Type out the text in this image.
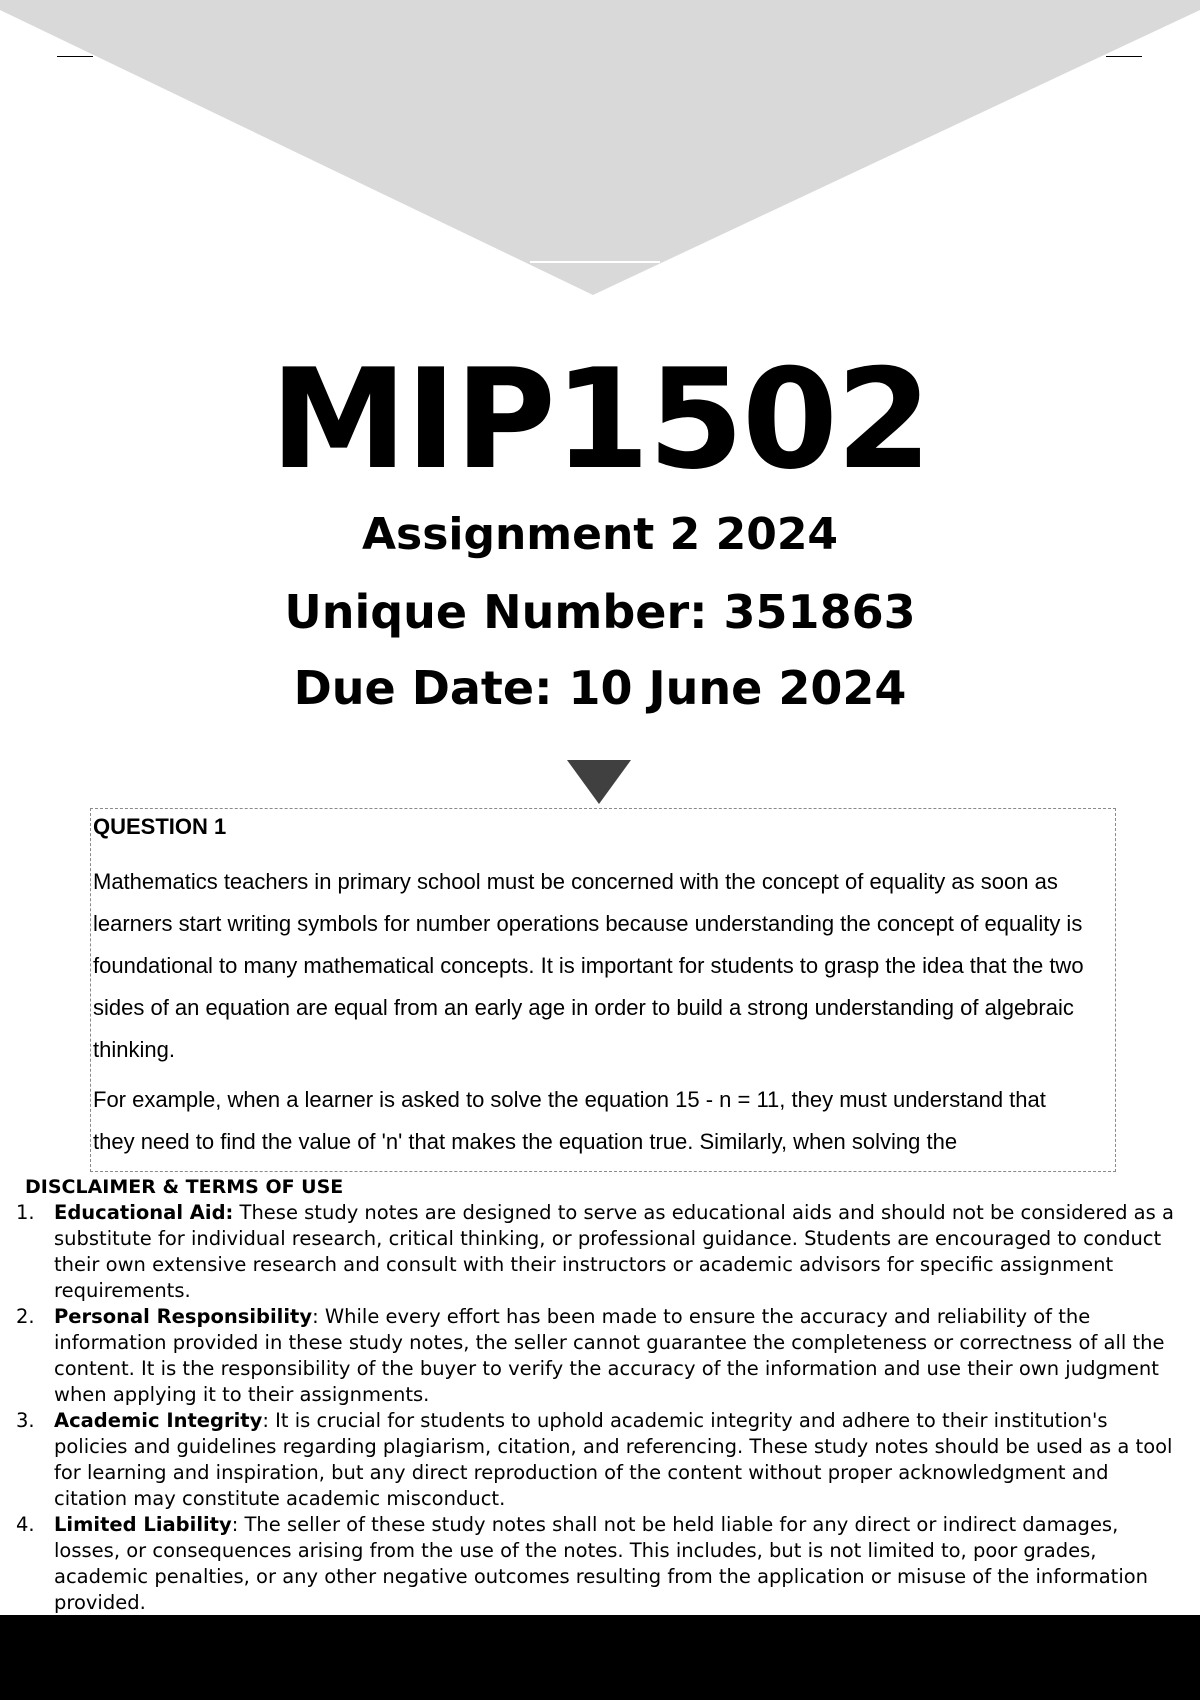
MIP1502
Assignment 2 2024
Unique Number: 351863
Due Date: 10 June 2024

QUESTION 1

Mathematics teachers in primary school must be concerned with the concept of equality as soon as learners start writing symbols for number operations because understanding the concept of equality is foundational to many mathematical concepts. It is important for students to grasp the idea that the two sides of an equation are equal from an early age in order to build a strong understanding of algebraic thinking.

For example, when a learner is asked to solve the equation 15 - n = 11, they must understand that they need to find the value of 'n' that makes the equation true. Similarly, when solving the

DISCLAIMER & TERMS OF USE
1. Educational Aid: These study notes are designed to serve as educational aids and should not be considered as a substitute for individual research, critical thinking, or professional guidance. Students are encouraged to conduct their own extensive research and consult with their instructors or academic advisors for specific assignment requirements.
2. Personal Responsibility: While every effort has been made to ensure the accuracy and reliability of the information provided in these study notes, the seller cannot guarantee the completeness or correctness of all the content. It is the responsibility of the buyer to verify the accuracy of the information and use their own judgment when applying it to their assignments.
3. Academic Integrity: It is crucial for students to uphold academic integrity and adhere to their institution's policies and guidelines regarding plagiarism, citation, and referencing. These study notes should be used as a tool for learning and inspiration, but any direct reproduction of the content without proper acknowledgment and citation may constitute academic misconduct.
4. Limited Liability: The seller of these study notes shall not be held liable for any direct or indirect damages, losses, or consequences arising from the use of the notes. This includes, but is not limited to, poor grades, academic penalties, or any other negative outcomes resulting from the application or misuse of the information provided.
